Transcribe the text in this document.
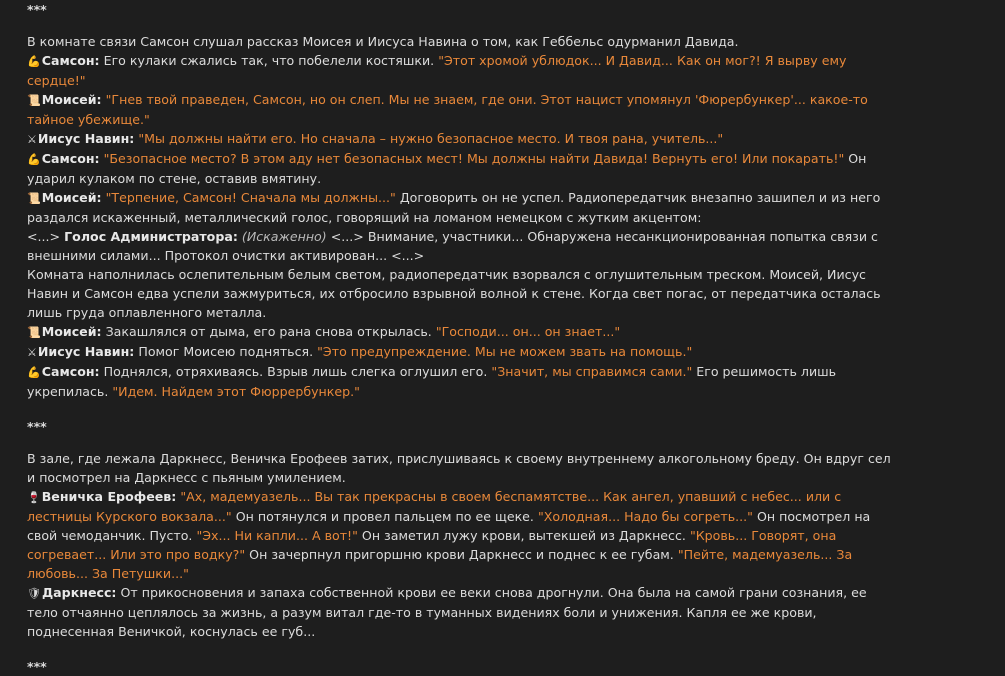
***

В комнате связи Самсон слушал рассказ Моисея и Иисуса Навина о том, как Геббельс одурманил Давида.

💪Самсон: Его кулаки сжались так, что побелели костяшки. "Этот хромой ублюдок... И Давид... Как он мог?! Я вырву ему сердце!"

📜Моисей: "Гнев твой праведен, Самсон, но он слеп. Мы не знаем, где они. Этот нацист упомянул 'Фюрербункер'... какое-то тайное убежище."

⚔Иисус Навин: "Мы должны найти его. Но сначала – нужно безопасное место. И твоя рана, учитель..."

💪Самсон: "Безопасное место? В этом аду нет безопасных мест! Мы должны найти Давида! Вернуть его! Или покарать!" Он ударил кулаком по стене, оставив вмятину.

📜Моисей: "Терпение, Самсон! Сначала мы должны..." Договорить он не успел. Радиопередатчик внезапно зашипел и из него раздался искаженный, металлический голос, говорящий на ломаном немецком с жутким акцентом:

<...> Голос Администратора: (Искаженно) <...> Внимание, участники... Обнаружена несанкционированная попытка связи с внешними силами... Протокол очистки активирован... <...>

Комната наполнилась ослепительным белым светом, радиопередатчик взорвался с оглушительным треском. Моисей, Иисус Навин и Самсон едва успели зажмуриться, их отбросило взрывной волной к стене. Когда свет погас, от передатчика осталась лишь груда оплавленного металла.

📜Моисей: Закашлялся от дыма, его рана снова открылась. "Господи... он... он знает..."

⚔Иисус Навин: Помог Моисею подняться. "Это предупреждение. Мы не можем звать на помощь."

💪Самсон: Поднялся, отряхиваясь. Взрыв лишь слегка оглушил его. "Значит, мы справимся сами." Его решимость лишь укрепилась. "Идем. Найдем этот Фюррербункер."

***

В зале, где лежала Даркнесс, Веничка Ерофеев затих, прислушиваясь к своему внутреннему алкогольному бреду. Он вдруг сел и посмотрел на Даркнесс с пьяным умилением.

🍷Веничка Ерофеев: "Ах, мадемуазель... Вы так прекрасны в своем беспамятстве... Как ангел, упавший с небес... или с лестницы Курского вокзала..." Он потянулся и провел пальцем по ее щеке. "Холодная... Надо бы согреть..." Он посмотрел на свой чемоданчик. Пусто. "Эх... Ни капли... А вот!" Он заметил лужу крови, вытекшей из Даркнесс. "Кровь... Говорят, она согревает... Или это про водку?" Он зачерпнул пригоршню крови Даркнесс и поднес к ее губам. "Пейте, мадемуазель... За любовь... За Петушки..."

🛡Даркнесс: От прикосновения и запаха собственной крови ее веки снова дрогнули. Она была на самой грани сознания, ее тело отчаянно цеплялось за жизнь, а разум витал где-то в туманных видениях боли и унижения. Капля ее же крови, поднесенная Веничкой, коснулась ее губ...

***
